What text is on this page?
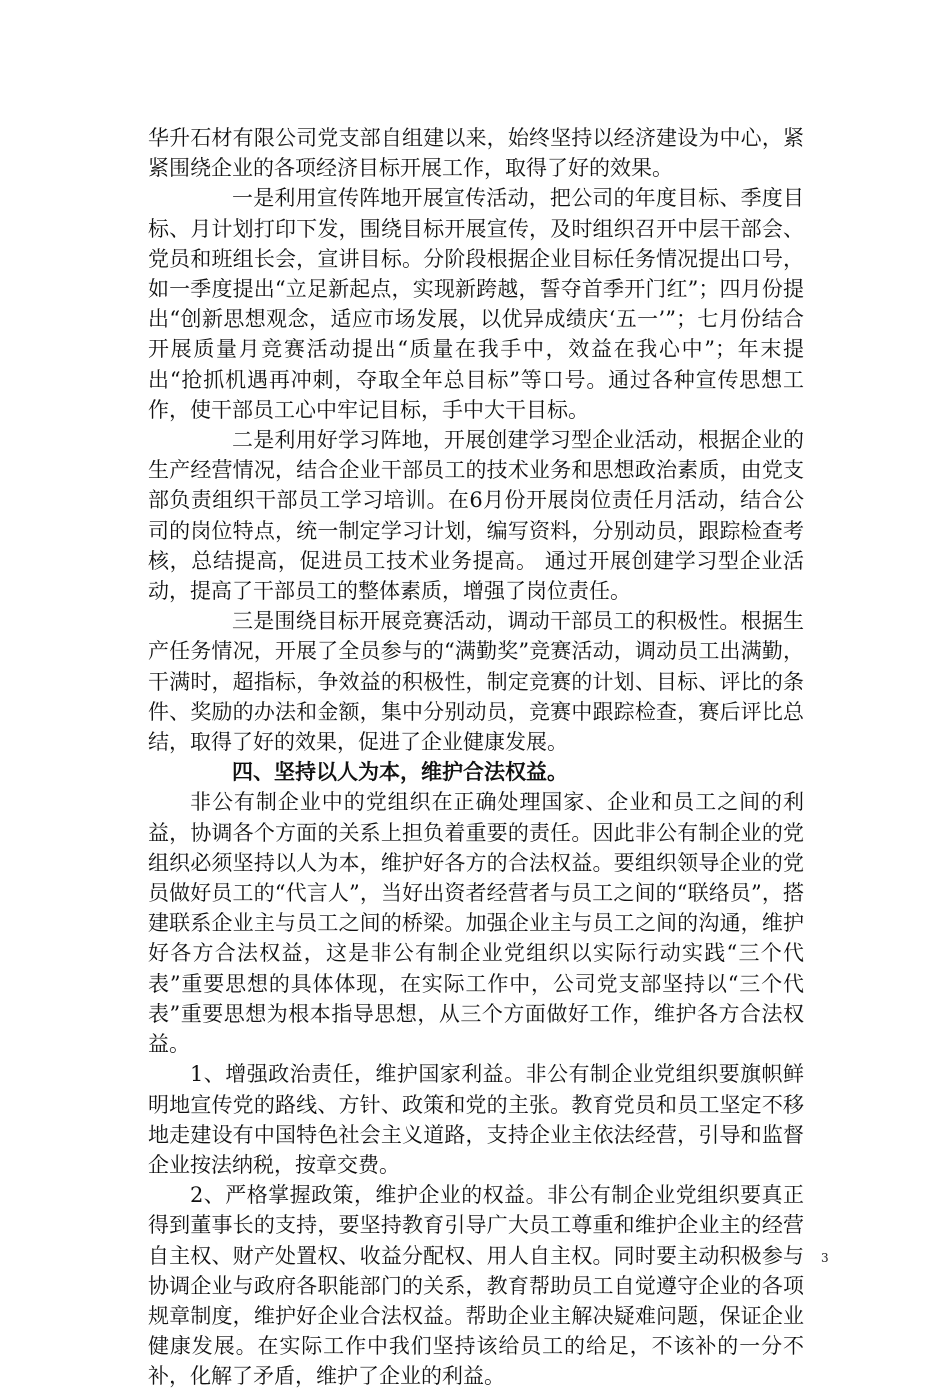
华升石材有限公司党支部自组建以来，始终坚持以经济建设为中心，紧紧围绕企业的各项经济目标开展工作，取得了好的效果。

一是利用宣传阵地开展宣传活动，把公司的年度目标、季度目标、月计划打印下发，围绕目标开展宣传，及时组织召开中层干部会、党员和班组长会，宣讲目标。分阶段根据企业目标任务情况提出口号，如一季度提出“立足新起点，实现新跨越，誓夺首季开门红”；四月份提出“创新思想观念，适应市场发展，以优异成绩庆‘五一’”；七月份结合开展质量月竞赛活动提出“质量在我手中，效益在我心中”；年末提出“抢抓机遇再冲刺，夺取全年总目标”等口号。通过各种宣传思想工作，使干部员工心中牢记目标，手中大干目标。

二是利用好学习阵地，开展创建学习型企业活动，根据企业的生产经营情况，结合企业干部员工的技术业务和思想政治素质，由党支部负责组织干部员工学习培训。在6月份开展岗位责任月活动，结合公司的岗位特点，统一制定学习计划，编写资料，分别动员，跟踪检查考核，总结提高，促进员工技术业务提高。 通过开展创建学习型企业活动，提高了干部员工的整体素质，增强了岗位责任。

三是围绕目标开展竞赛活动，调动干部员工的积极性。根据生产任务情况，开展了全员参与的“满勤奖”竞赛活动，调动员工出满勤，干满时，超指标，争效益的积极性，制定竞赛的计划、目标、评比的条件、奖励的办法和金额，集中分别动员，竞赛中跟踪检查，赛后评比总结，取得了好的效果，促进了企业健康发展。

四、坚持以人为本，维护合法权益。

非公有制企业中的党组织在正确处理国家、企业和员工之间的利益，协调各个方面的关系上担负着重要的责任。因此非公有制企业的党组织必须坚持以人为本，维护好各方的合法权益。要组织领导企业的党员做好员工的“代言人”，当好出资者经营者与员工之间的“联络员”，搭建联系企业主与员工之间的桥梁。加强企业主与员工之间的沟通，维护好各方合法权益，这是非公有制企业党组织以实际行动实践“三个代表”重要思想的具体体现，在实际工作中，公司党支部坚持以“三个代表”重要思想为根本指导思想，从三个方面做好工作，维护各方合法权益。

1、增强政治责任，维护国家利益。非公有制企业党组织要旗帜鲜明地宣传党的路线、方针、政策和党的主张。教育党员和员工坚定不移地走建设有中国特色社会主义道路，支持企业主依法经营，引导和监督企业按法纳税，按章交费。

2、严格掌握政策，维护企业的权益。非公有制企业党组织要真正得到董事长的支持，要坚持教育引导广大员工尊重和维护企业主的经营自主权、财产处置权、收益分配权、用人自主权。同时要主动积极参与协调企业与政府各职能部门的关系，教育帮助员工自觉遵守企业的各项规章制度，维护好企业合法权益。帮助企业主解决疑难问题，保证企业健康发展。在实际工作中我们坚持该给员工的给足，不该补的一分不补，化解了矛盾，维护了企业的利益。

3
